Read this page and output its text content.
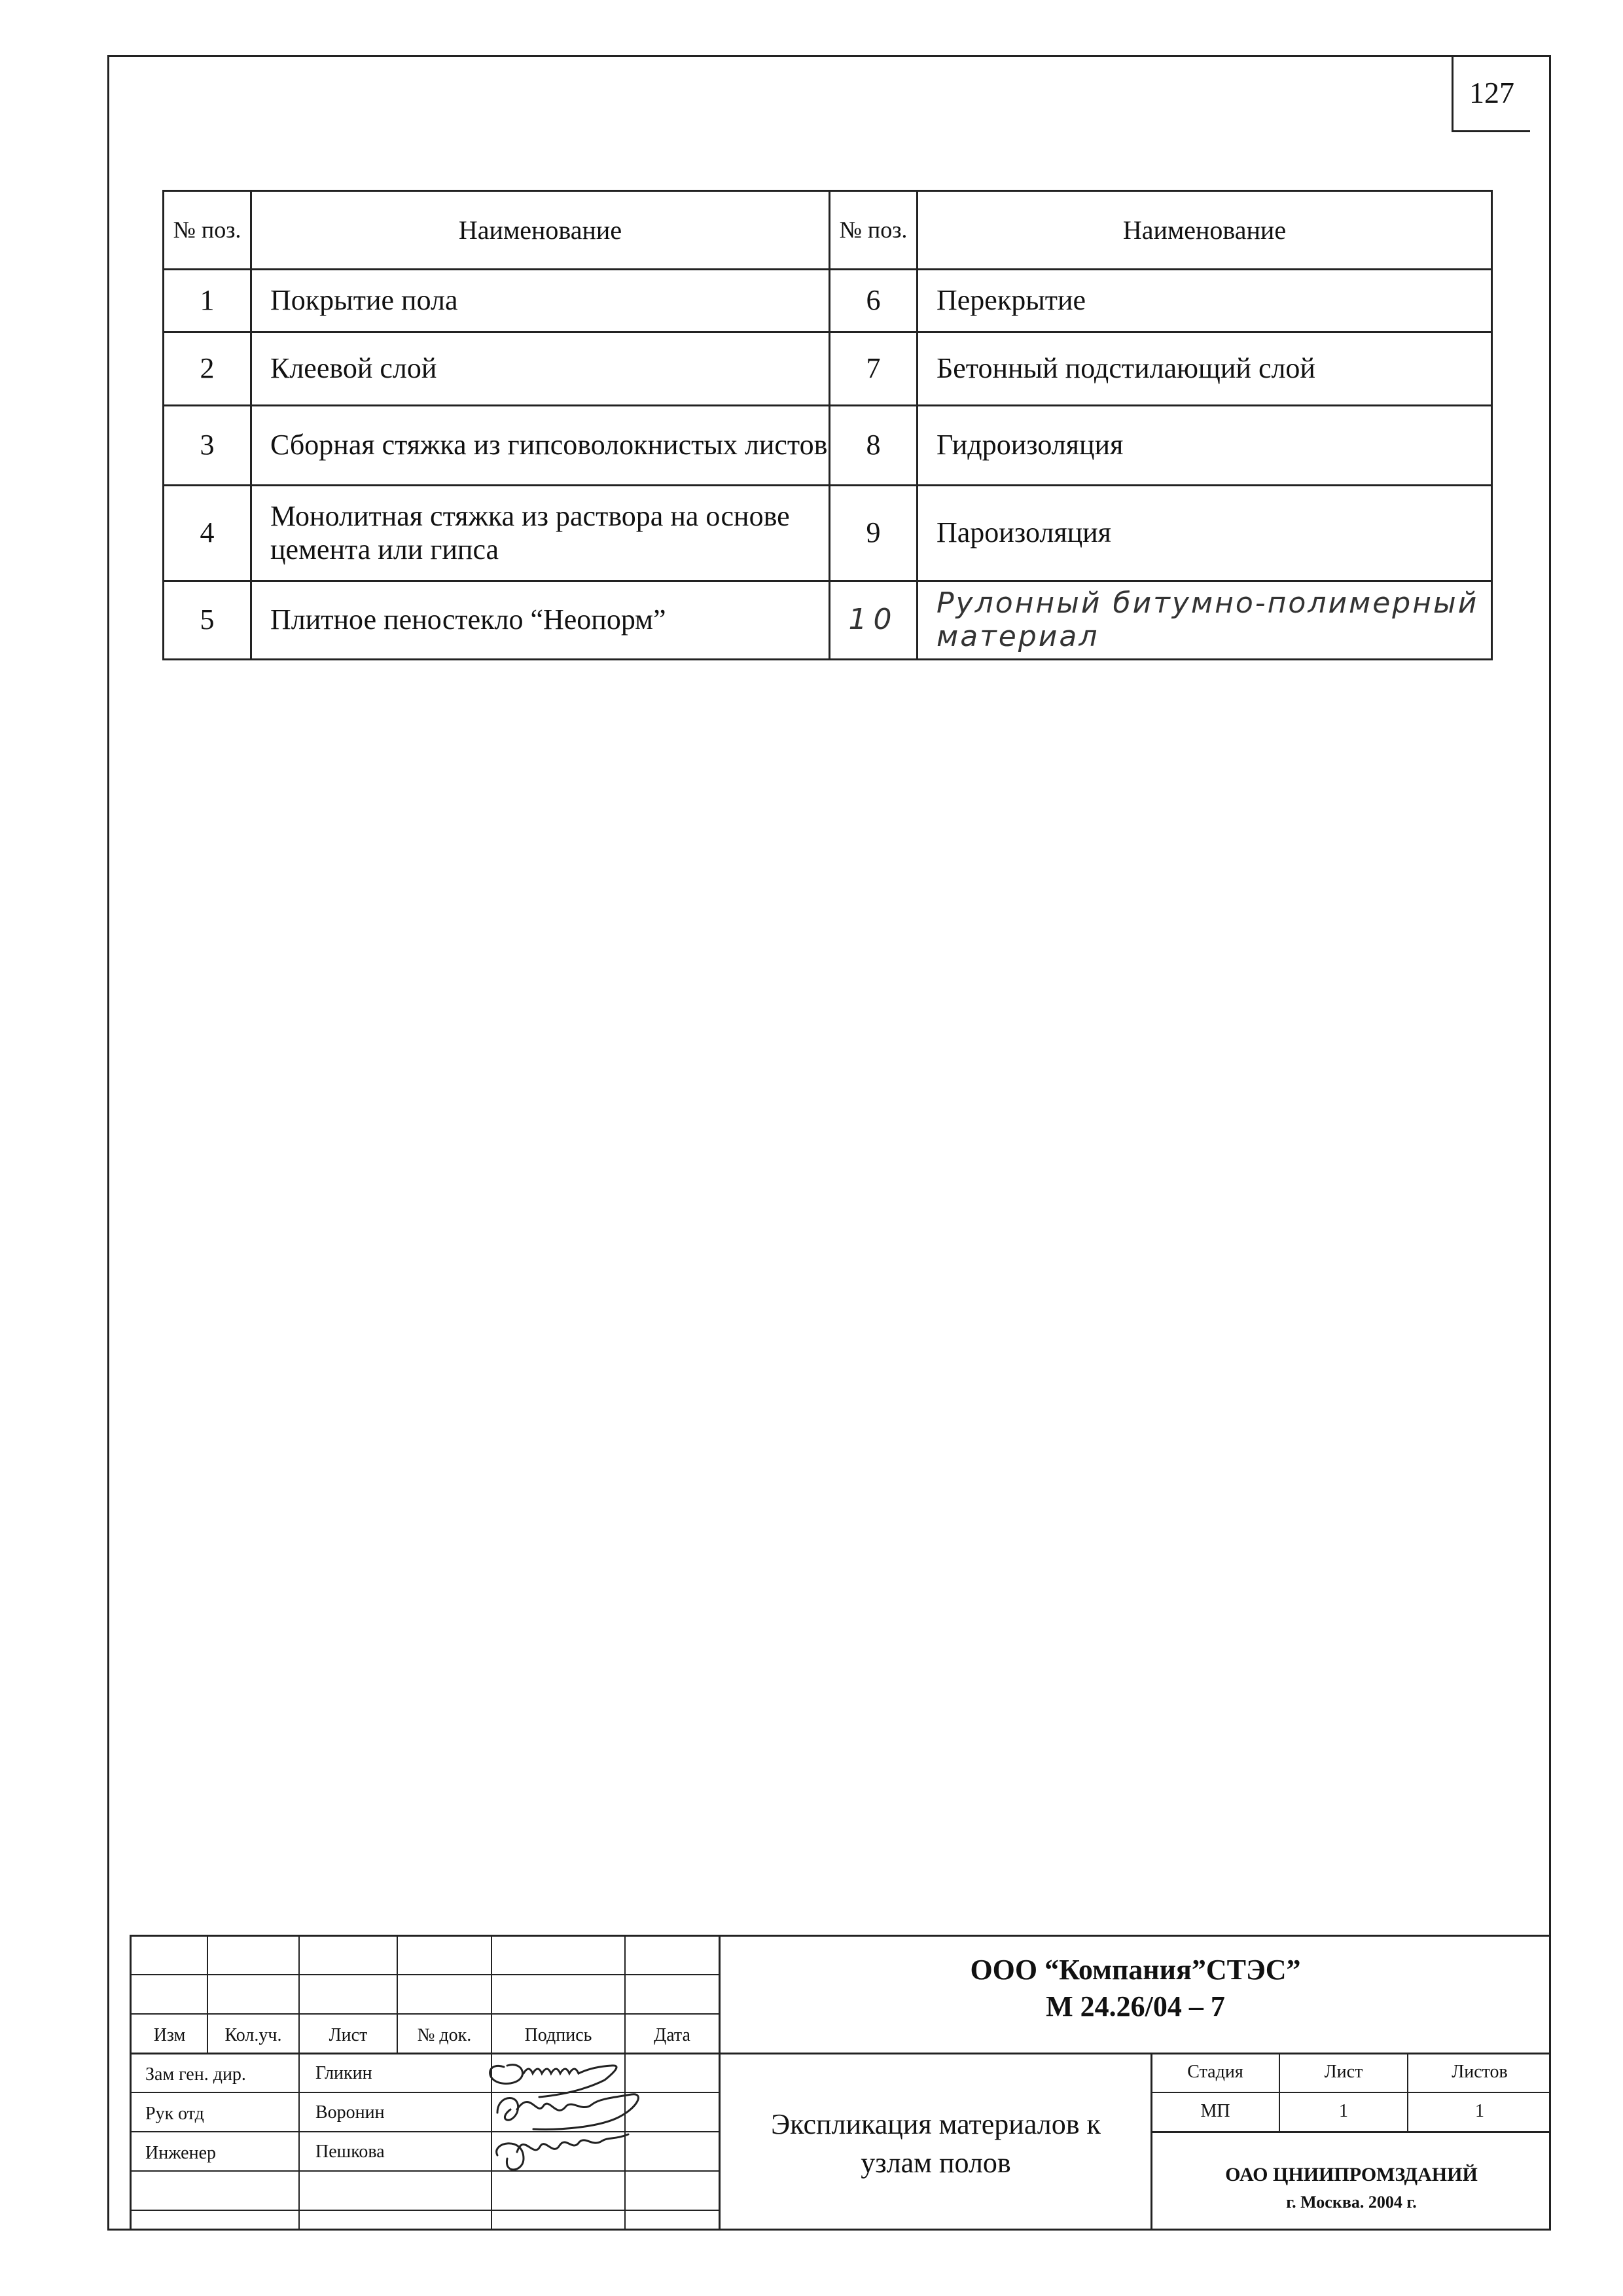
127
№ поз.	Наименование	№ поз.	Наименование
1	Покрытие пола	6	Перекрытие
2	Клеевой слой	7	Бетонный подстилающий слой
3	Сборная стяжка из гипсоволокнистых листов	8	Гидроизоляция
4	Монолитная стяжка из раствора на основе цемента или гипса	9	Пароизоляция
5	Плитное пеностекло “Неопорм”	10	Рулонный битумно-полимерный материал
Изм	Кол.уч.	Лист	№ док.	Подпись	Дата
Зам ген. дир.	Гликин
Рук отд	Воронин
Инженер	Пешкова
ООО “Компания”СТЭС”
М 24.26/04 – 7
Экспликация материалов к узлам полов
Стадия	Лист	Листов
МП	1	1
ОАО ЦНИИПРОМЗДАНИЙ
г. Москва. 2004 г.
